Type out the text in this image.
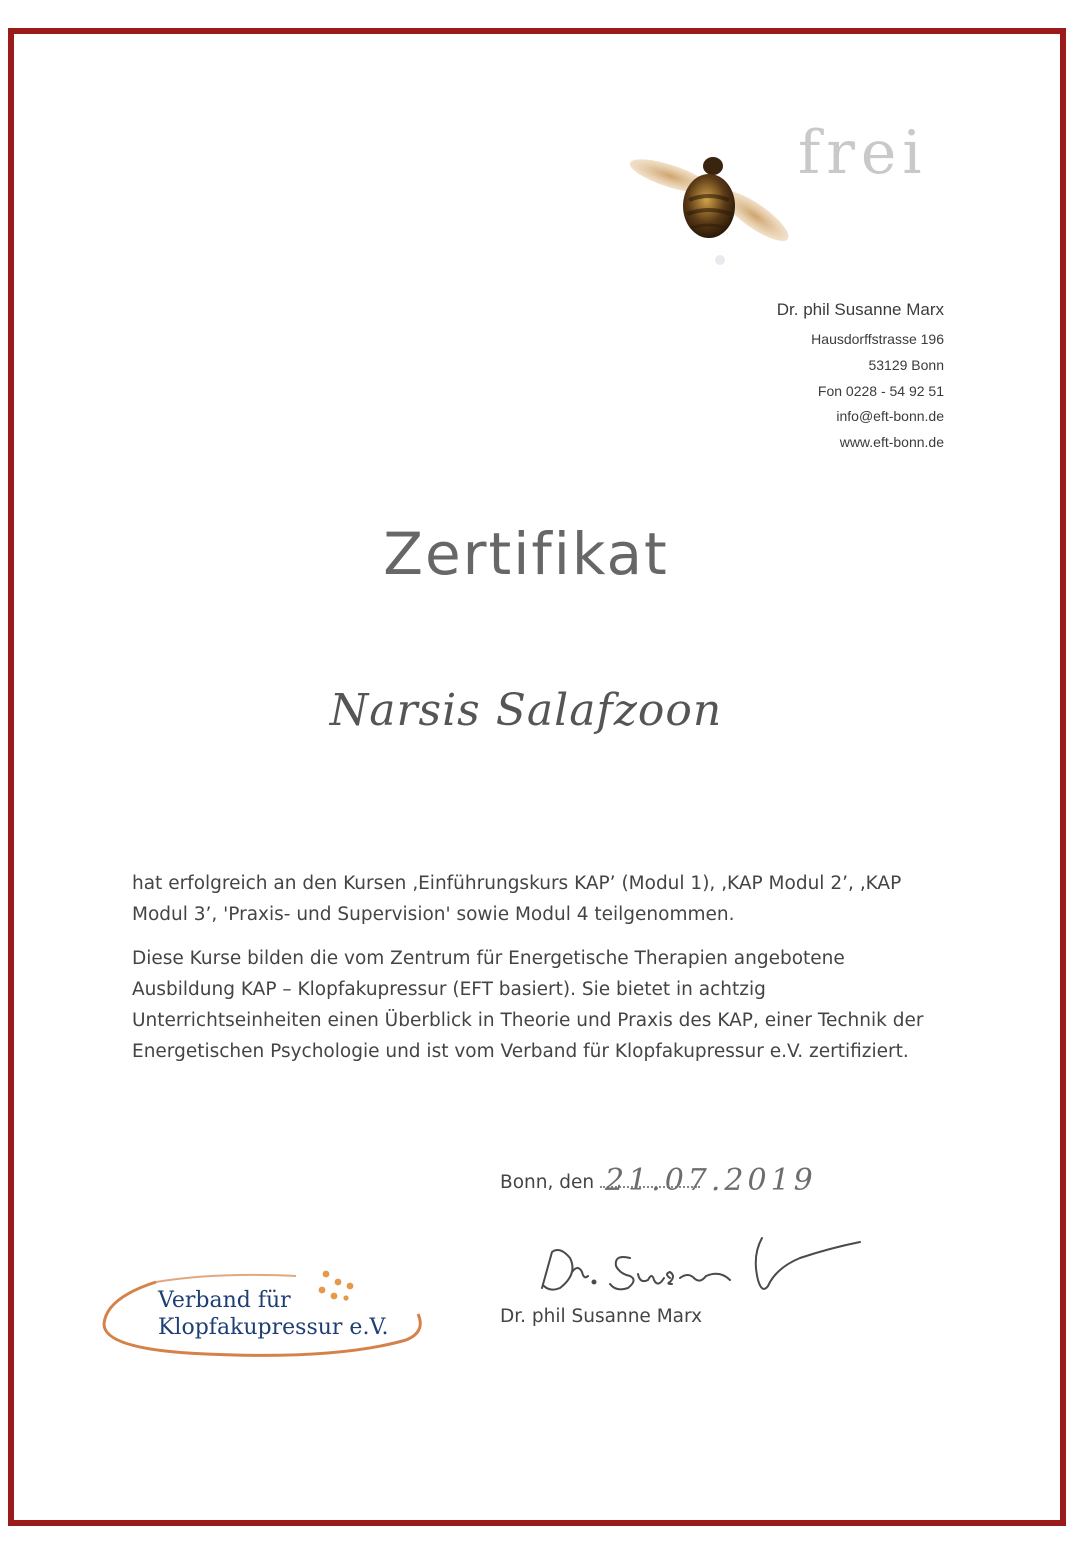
frei
Dr. phil Susanne Marx
Hausdorffstrasse 196
53129 Bonn
Fon 0228 - 54 92 51
info@eft-bonn.de
www.eft-bonn.de
Zertifikat
Narsis Salafzoon

hat erfolgreich an den Kursen ‚Einführungskurs KAP’ (Modul 1), ‚KAP Modul 2’, ‚KAP Modul 3’, 'Praxis- und Supervision' sowie Modul 4 teilgenommen.

Diese Kurse bilden die vom Zentrum für Energetische Therapien angebotene Ausbildung KAP – Klopfakupressur (EFT basiert). Sie bietet in achtzig Unterrichtseinheiten einen Überblick in Theorie und Praxis des KAP, einer Technik der Energetischen Psychologie und ist vom Verband für Klopfakupressur e.V. zertifiziert.

Bonn, den 21.07.2019
Dr. phil Susanne Marx
Verband für
Klopfakupressur e.V.
